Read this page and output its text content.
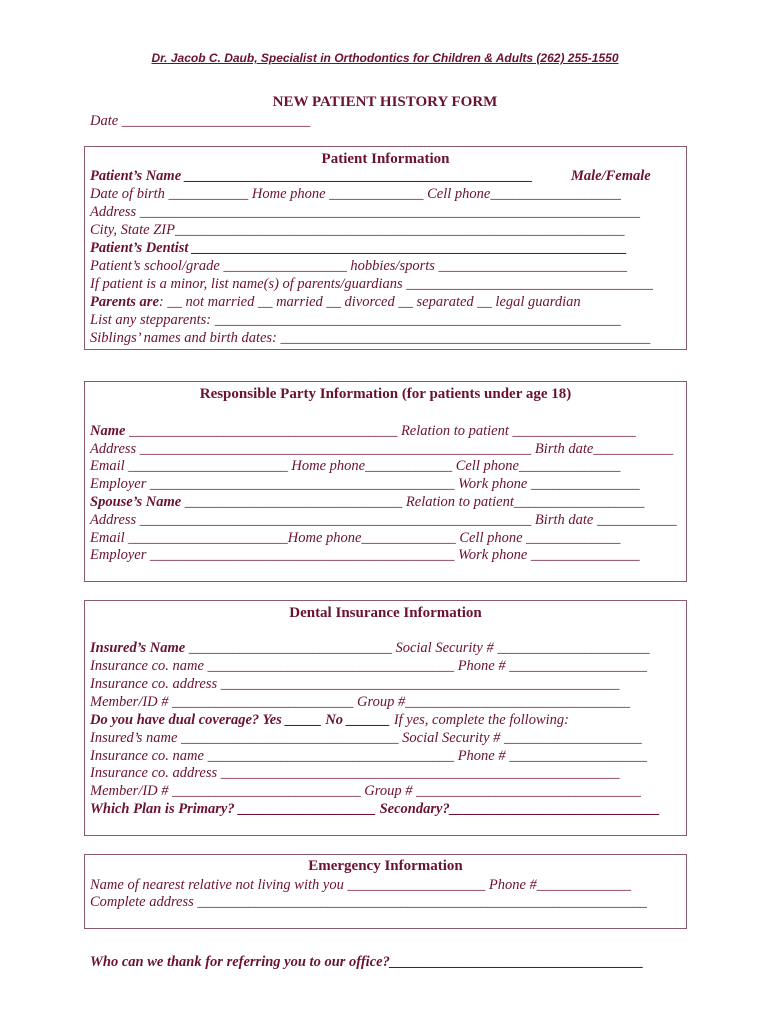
Dr. Jacob C. Daub, Specialist in Orthodontics for Children & Adults (262) 255-1550
NEW PATIENT HISTORY FORM
Date __________________________
Patient Information
Patient’s Name ________________________________________________	Male/Female
Date of birth ___________ Home phone _____________ Cell phone__________________
Address _____________________________________________________________________
City, State ZIP______________________________________________________________
Patient’s Dentist ____________________________________________________________
Patient’s school/grade _________________ hobbies/sports __________________________
If patient is a minor, list name(s) of parents/guardians __________________________________
Parents are: __ not married __ married __ divorced __ separated __ legal guardian
List any stepparents: ________________________________________________________
Siblings’ names and birth dates: ___________________________________________________
Responsible Party Information (for patients under age 18)
Name _____________________________________ Relation to patient _________________
Address ______________________________________________________ Birth date___________
Email ______________________ Home phone____________ Cell phone______________
Employer __________________________________________ Work phone _______________
Spouse’s Name ______________________________ Relation to patient__________________
Address ______________________________________________________ Birth date ___________
Email ______________________Home phone_____________ Cell phone _____________
Employer __________________________________________ Work phone _______________
Dental Insurance Information
Insured’s Name ____________________________ Social Security # _____________________
Insurance co. name __________________________________ Phone # ___________________
Insurance co. address _______________________________________________________
Member/ID # _________________________ Group #_______________________________
Do you have dual coverage? Yes _____ No ______ If yes, complete the following:
Insured’s name ______________________________ Social Security # ___________________
Insurance co. name __________________________________ Phone # ___________________
Insurance co. address _______________________________________________________
Member/ID # __________________________ Group # _______________________________
Which Plan is Primary? ___________________ Secondary?_____________________________
Emergency Information
Name of nearest relative not living with you ___________________ Phone #_____________
Complete address ______________________________________________________________
Who can we thank for referring you to our office?___________________________________
